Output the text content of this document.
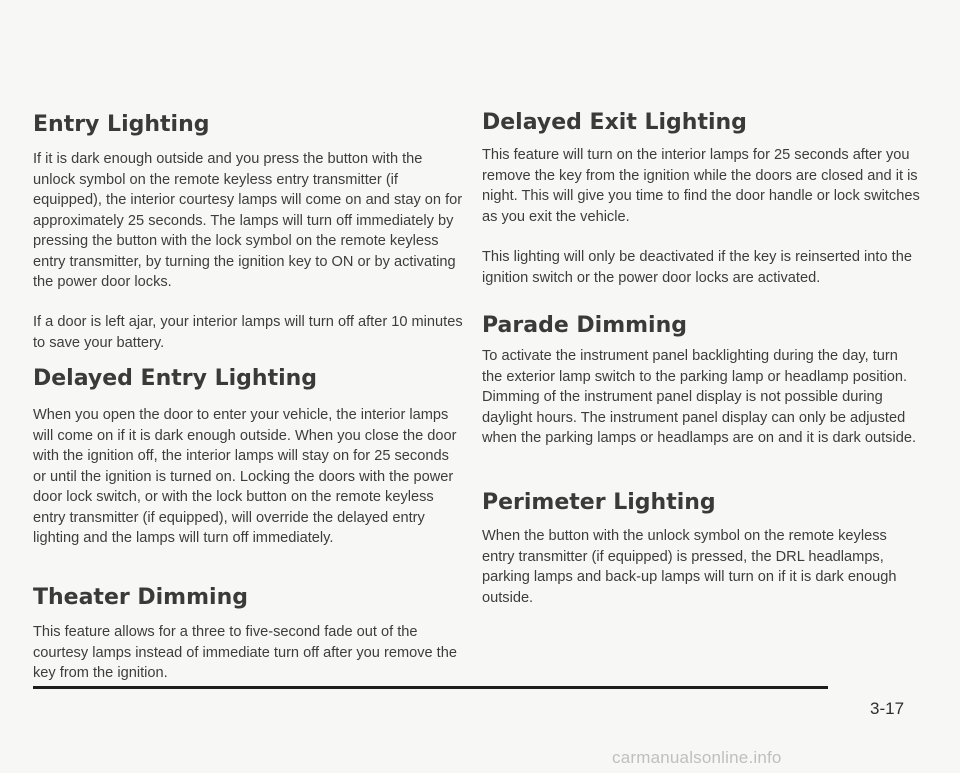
Entry Lighting

If it is dark enough outside and you press the button with the unlock symbol on the remote keyless entry transmitter (if equipped), the interior courtesy lamps will come on and stay on for approximately 25 seconds. The lamps will turn off immediately by pressing the button with the lock symbol on the remote keyless entry transmitter, by turning the ignition key to ON or by activating the power door locks.

If a door is left ajar, your interior lamps will turn off after 10 minutes to save your battery.

Delayed Entry Lighting

When you open the door to enter your vehicle, the interior lamps will come on if it is dark enough outside. When you close the door with the ignition off, the interior lamps will stay on for 25 seconds or until the ignition is turned on. Locking the doors with the power door lock switch, or with the lock button on the remote keyless entry transmitter (if equipped), will override the delayed entry lighting and the lamps will turn off immediately.

Theater Dimming

This feature allows for a three to five-second fade out of the courtesy lamps instead of immediate turn off after you remove the key from the ignition.

Delayed Exit Lighting

This feature will turn on the interior lamps for 25 seconds after you remove the key from the ignition while the doors are closed and it is night. This will give you time to find the door handle or lock switches as you exit the vehicle.

This lighting will only be deactivated if the key is reinserted into the ignition switch or the power door locks are activated.

Parade Dimming

To activate the instrument panel backlighting during the day, turn the exterior lamp switch to the parking lamp or headlamp position. Dimming of the instrument panel display is not possible during daylight hours. The instrument panel display can only be adjusted when the parking lamps or headlamps are on and it is dark outside.

Perimeter Lighting

When the button with the unlock symbol on the remote keyless entry transmitter (if equipped) is pressed, the DRL headlamps, parking lamps and back-up lamps will turn on if it is dark enough outside.

3-17
carmanualsonline.info
